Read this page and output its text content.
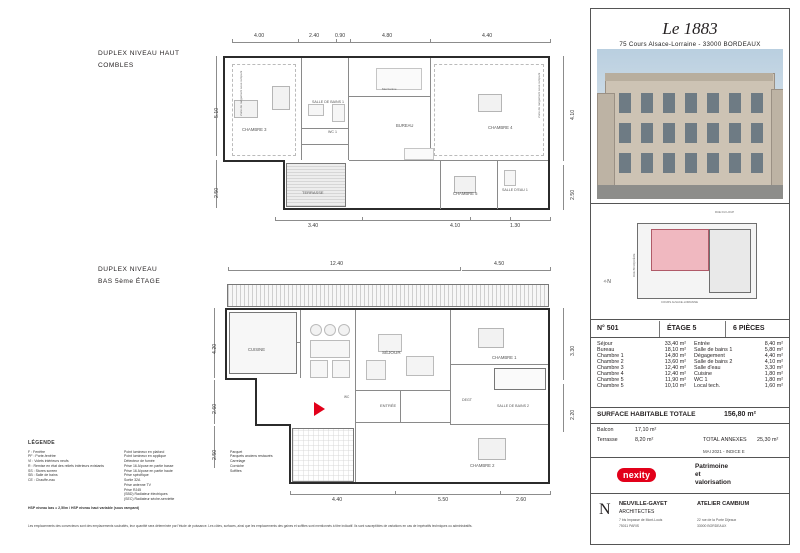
DUPLEX NIVEAU HAUT
COMBLES
4.00	2.40	0.90	4.80	4.40
5.10
2.50
4.10
2.50
3.40	4.10	1.30
TERRASSE
CHAMBRE 3
SALLE DE BAINS 1
WC 1
BUREAU	CHAMBRE 4
CHAMBRE 5
SALLE D'EAU 1
Zone de rangement sous rampant	Zone de rangement sous rampant
Mezzanine
DUPLEX NIVEAU
BAS 5ème ÉTAGE
12.40	4.50
4.20
2.60
2.50
3.30
2.20
4.40	5.50	2.60
CUISINE
SÉJOUR
CHAMBRE 1
SALLE DE BAINS 2
ENTRÉE
DEGT
WC
CHAMBRE 2
LÉGENDE
F : Fenêtre
PF : Porte-fenêtre
VI : Volets intérieurs neufs
R : Remise en état des reliefs intérieurs existants
SS : Stores screen
SB : Salle de bains
CE : Chauffe-eau
Point lumineux en plafond
Point lumineux en applique
Détecteur de fumée
Prise 16 A/pose en partie basse
Prise 16 A/pose en partie haute
Prise spécifique
Sortie 32A
Prise antenne TV
Prise RJ45
(SBD) Radiateur électriques
(SEC) Radiateur sèche-serviette
Parquet
Parquets anciens restaurés
Carrelage
Corniche
Soffites
HSP niveau bas = 2,50m / HSP niveau haut variable (sous rampant)
Les emplacements des convecteurs sont des emplacements souhaités, leur quantité sera déterminée par l'étude de puissance. Les côtes, surfaces, ainsi que les emplacements des gaines et soffites sont mentionnés à titre indicatif. Ils sont susceptibles de variations en cas de impératifs techniques ou administratifs.
Le 1883
75 Cours Alsace-Lorraine - 33000 BORDEAUX
RUE DU LOUP
RUE BOUQUIÈRE
COURS ALSACE-LORRAINE
✧N
N° 501	ÉTAGE 5	6 PIÈCES
Séjour	33,40 m²
Bureau	18,10 m²
Chambre 1	14,80 m²
Chambre 2	13,60 m²
Chambre 3	12,40 m²
Chambre 4	12,40 m²
Chambre 5	11,90 m²
Chambre 5	10,10 m²
Entrée	8,40 m²
Salle de bains 1	5,80 m²
Dégagement	4,40 m²
Salle de bains 2	4,10 m²
Salle d'eau	3,30 m²
Cuisine	1,80 m²
WC 1	1,80 m²
Local tech.	1,60 m²
SURFACE HABITABLE TOTALE	156,80 m²
Balcon	17,10 m²
Terrasse	8,20 m²	TOTAL ANNEXES 25,30 m²
MAI 2021 - INDICE E
nexity
Patrimoine
et
valorisation
N NEUVILLE-GAYET
ARCHITECTES
7 bis Impasse de Mont-Louis
75011 PARIS
ATELIER CAMBIUM
22 rue de la Porte Dijeaux
33000 BORDEAUX
